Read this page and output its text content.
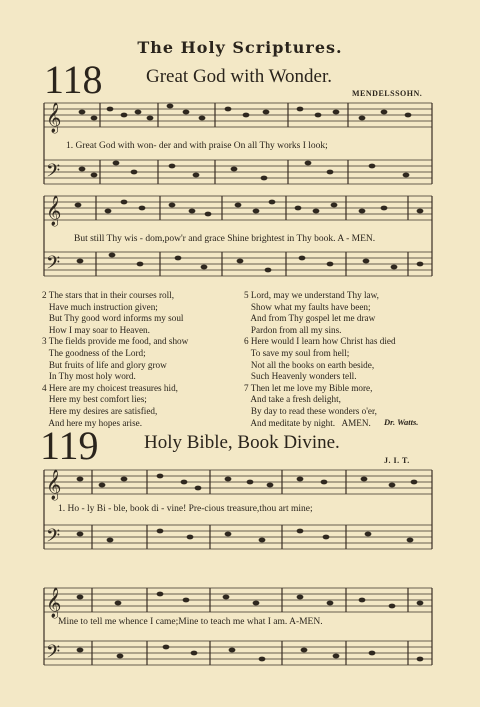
The Holy Scriptures.
118 Great God with Wonder.
MENDELSSOHN.
𝄞
𝄢
𝄞
𝄢
𝄞
𝄢
𝄞
𝄢
1. Great God with won- der and with praise On all Thy works I look;
But still Thy wis - dom,pow'r and grace Shine brightest in Thy book. A - MEN.
2 The stars that in their courses roll,
Have much instruction given;
But Thy good word informs my soul
How I may soar to Heaven.
3 The fields provide me food, and show
The goodness of the Lord;
But fruits of life and glory grow
In Thy most holy word.
4 Here are my choicest treasures hid,
Here my best comfort lies;
Here my desires are satisfied,
And here my hopes arise.
5 Lord, may we understand Thy law,
Show what my faults have been;
And from Thy gospel let me draw
Pardon from all my sins.
6 Here would I learn how Christ has died
To save my soul from hell;
Not all the books on earth beside,
Such Heavenly wonders tell.
7 Then let me love my Bible more,
And take a fresh delight,
By day to read these wonders o'er,
And meditate by night.   AMEN.	Dr. Watts.
119 Holy Bible, Book Divine.
J. I. T.
1. Ho - ly Bi - ble, book di - vine! Pre-cious treasure,thou art mine;
Mine to tell me whence I came;Mine to teach me what I am. A-MEN.
